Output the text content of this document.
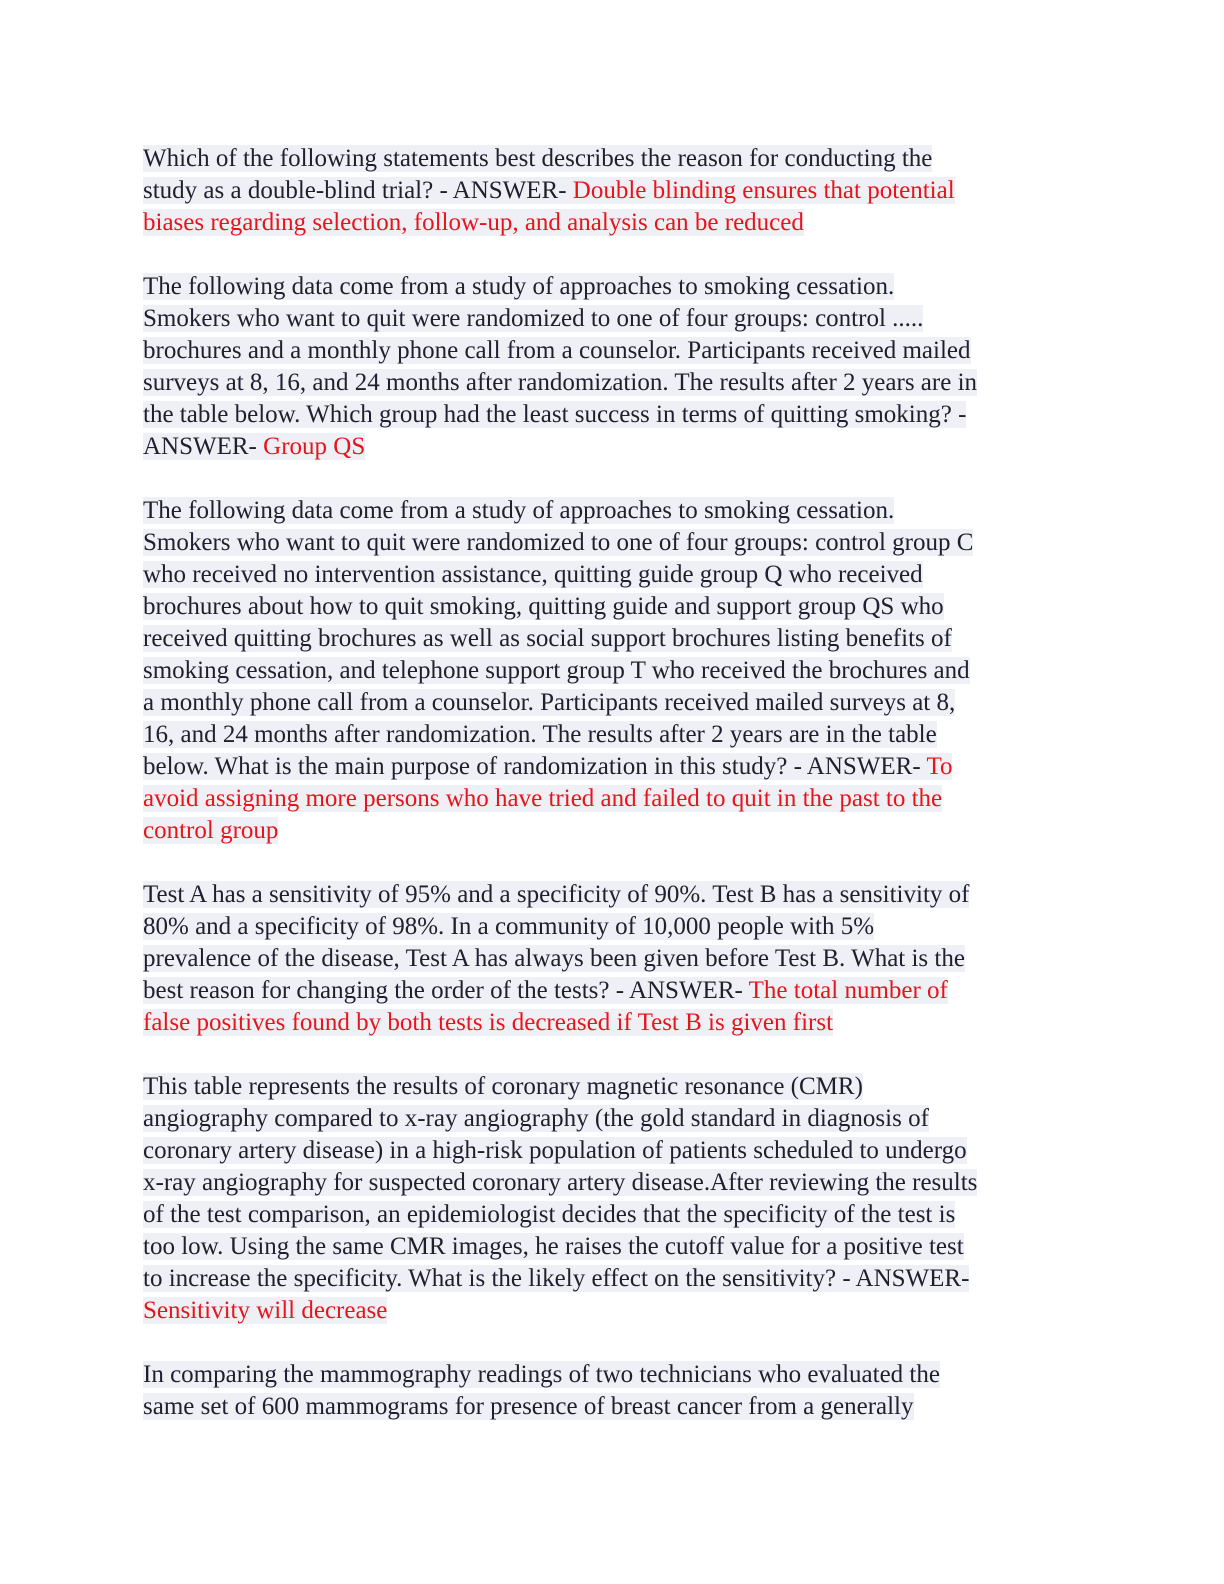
Which of the following statements best describes the reason for conducting the
study as a double-blind trial? - ANSWER- Double blinding ensures that potential
biases regarding selection, follow-up, and analysis can be reduced
The following data come from a study of approaches to smoking cessation.
Smokers who want to quit were randomized to one of four groups: control .....
brochures and a monthly phone call from a counselor. Participants received mailed
surveys at 8, 16, and 24 months after randomization. The results after 2 years are in
the table below. Which group had the least success in terms of quitting smoking? -
ANSWER- Group QS
The following data come from a study of approaches to smoking cessation.
Smokers who want to quit were randomized to one of four groups: control group C
who received no intervention assistance, quitting guide group Q who received
brochures about how to quit smoking, quitting guide and support group QS who
received quitting brochures as well as social support brochures listing benefits of
smoking cessation, and telephone support group T who received the brochures and
a monthly phone call from a counselor. Participants received mailed surveys at 8,
16, and 24 months after randomization. The results after 2 years are in the table
below. What is the main purpose of randomization in this study? - ANSWER- To
avoid assigning more persons who have tried and failed to quit in the past to the
control group
Test A has a sensitivity of 95% and a specificity of 90%. Test B has a sensitivity of
80% and a specificity of 98%. In a community of 10,000 people with 5%
prevalence of the disease, Test A has always been given before Test B. What is the
best reason for changing the order of the tests? - ANSWER- The total number of
false positives found by both tests is decreased if Test B is given first
This table represents the results of coronary magnetic resonance (CMR)
angiography compared to x-ray angiography (the gold standard in diagnosis of
coronary artery disease) in a high-risk population of patients scheduled to undergo
x-ray angiography for suspected coronary artery disease.After reviewing the results
of the test comparison, an epidemiologist decides that the specificity of the test is
too low. Using the same CMR images, he raises the cutoff value for a positive test
to increase the specificity. What is the likely effect on the sensitivity? - ANSWER-
Sensitivity will decrease
In comparing the mammography readings of two technicians who evaluated the
same set of 600 mammograms for presence of breast cancer from a generally
